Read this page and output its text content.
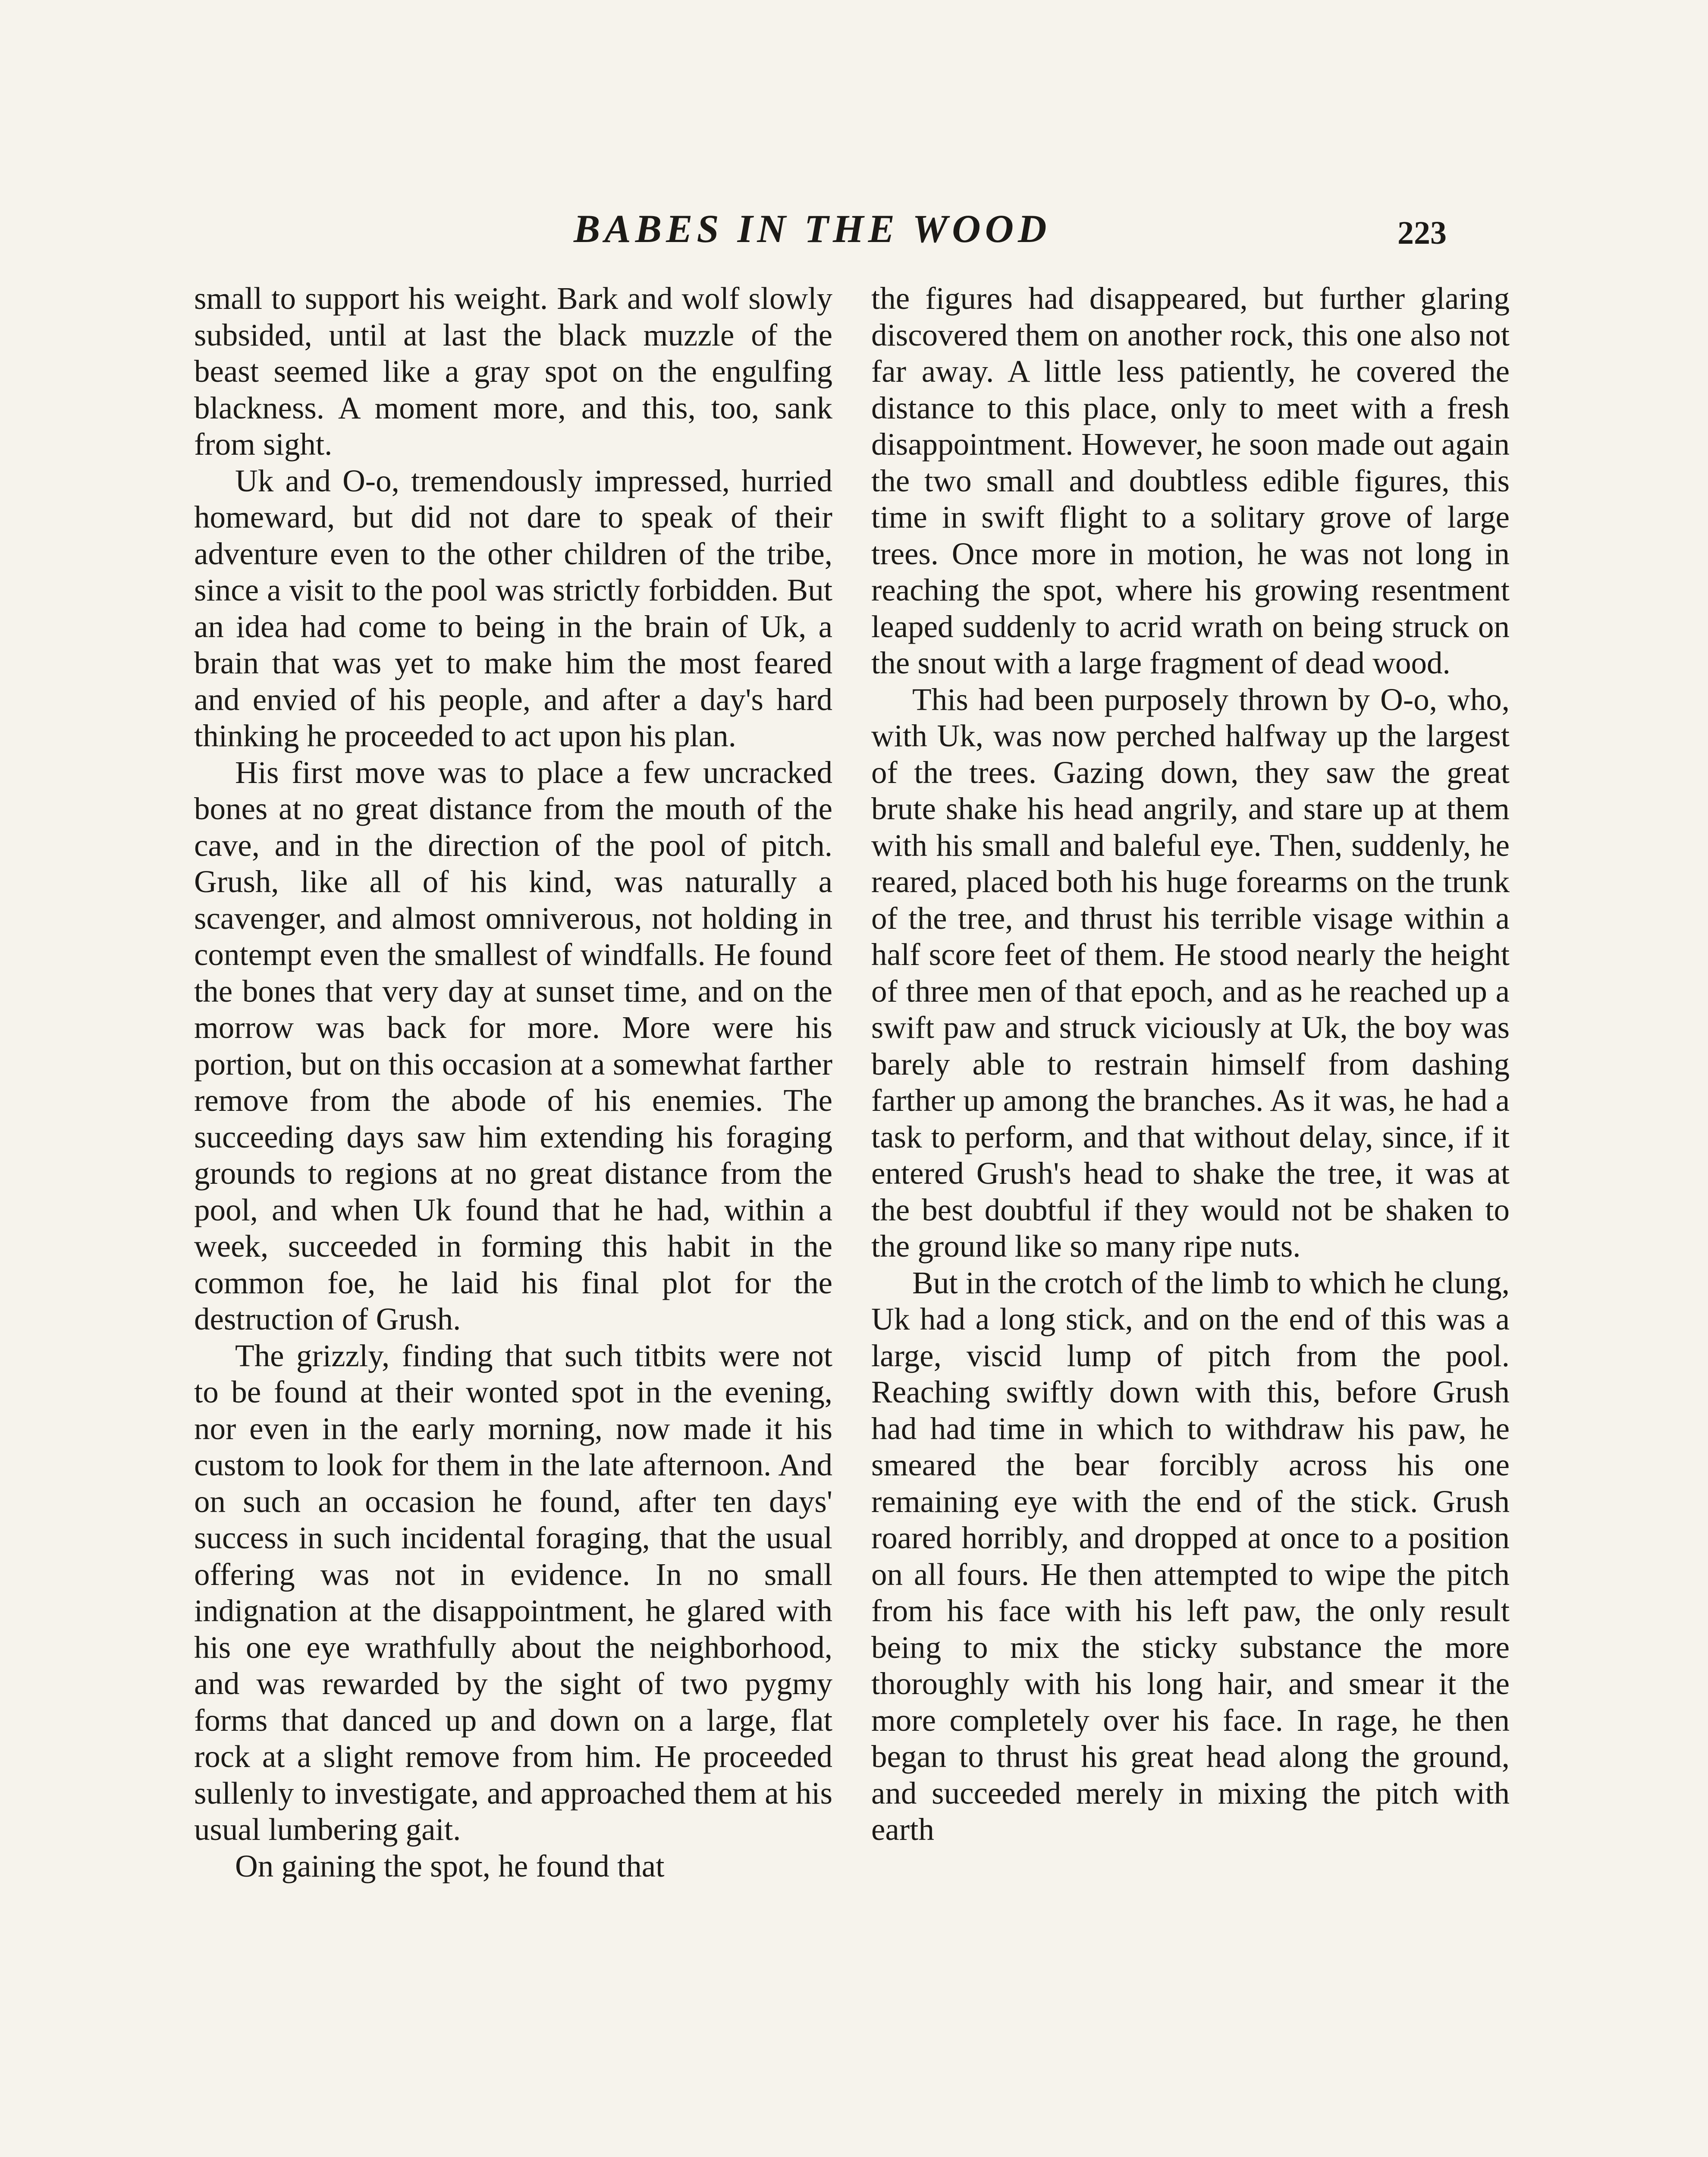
BABES IN THE WOOD	223

small to support his weight. Bark and wolf slowly subsided, until at last the black muzzle of the beast seemed like a gray spot on the engulfing blackness. A moment more, and this, too, sank from sight.

Uk and O-o, tremendously impressed, hurried homeward, but did not dare to speak of their adventure even to the other children of the tribe, since a visit to the pool was strictly forbidden. But an idea had come to being in the brain of Uk, a brain that was yet to make him the most feared and envied of his people, and after a day's hard thinking he proceeded to act upon his plan.

His first move was to place a few uncracked bones at no great distance from the mouth of the cave, and in the direction of the pool of pitch. Grush, like all of his kind, was naturally a scavenger, and almost omniverous, not holding in contempt even the smallest of windfalls. He found the bones that very day at sunset time, and on the morrow was back for more. More were his portion, but on this occasion at a somewhat farther remove from the abode of his enemies. The succeeding days saw him extending his foraging grounds to regions at no great distance from the pool, and when Uk found that he had, within a week, succeeded in forming this habit in the common foe, he laid his final plot for the destruction of Grush.

The grizzly, finding that such titbits were not to be found at their wonted spot in the evening, nor even in the early morning, now made it his custom to look for them in the late afternoon. And on such an occasion he found, after ten days' success in such incidental foraging, that the usual offering was not in evidence. In no small indignation at the disappointment, he glared with his one eye wrathfully about the neighborhood, and was rewarded by the sight of two pygmy forms that danced up and down on a large, flat rock at a slight remove from him. He proceeded sullenly to investigate, and approached them at his usual lumbering gait.

On gaining the spot, he found that

the figures had disappeared, but further glaring discovered them on another rock, this one also not far away. A little less patiently, he covered the distance to this place, only to meet with a fresh disappointment. However, he soon made out again the two small and doubtless edible figures, this time in swift flight to a solitary grove of large trees. Once more in motion, he was not long in reaching the spot, where his growing resentment leaped suddenly to acrid wrath on being struck on the snout with a large fragment of dead wood.

This had been purposely thrown by O-o, who, with Uk, was now perched halfway up the largest of the trees. Gazing down, they saw the great brute shake his head angrily, and stare up at them with his small and baleful eye. Then, suddenly, he reared, placed both his huge forearms on the trunk of the tree, and thrust his terrible visage within a half score feet of them. He stood nearly the height of three men of that epoch, and as he reached up a swift paw and struck viciously at Uk, the boy was barely able to restrain himself from dashing farther up among the branches. As it was, he had a task to perform, and that without delay, since, if it entered Grush's head to shake the tree, it was at the best doubtful if they would not be shaken to the ground like so many ripe nuts.

But in the crotch of the limb to which he clung, Uk had a long stick, and on the end of this was a large, viscid lump of pitch from the pool. Reaching swiftly down with this, before Grush had had time in which to withdraw his paw, he smeared the bear forcibly across his one remaining eye with the end of the stick. Grush roared horribly, and dropped at once to a position on all fours. He then attempted to wipe the pitch from his face with his left paw, the only result being to mix the sticky substance the more thoroughly with his long hair, and smear it the more completely over his face. In rage, he then began to thrust his great head along the ground, and succeeded merely in mixing the pitch with earth
